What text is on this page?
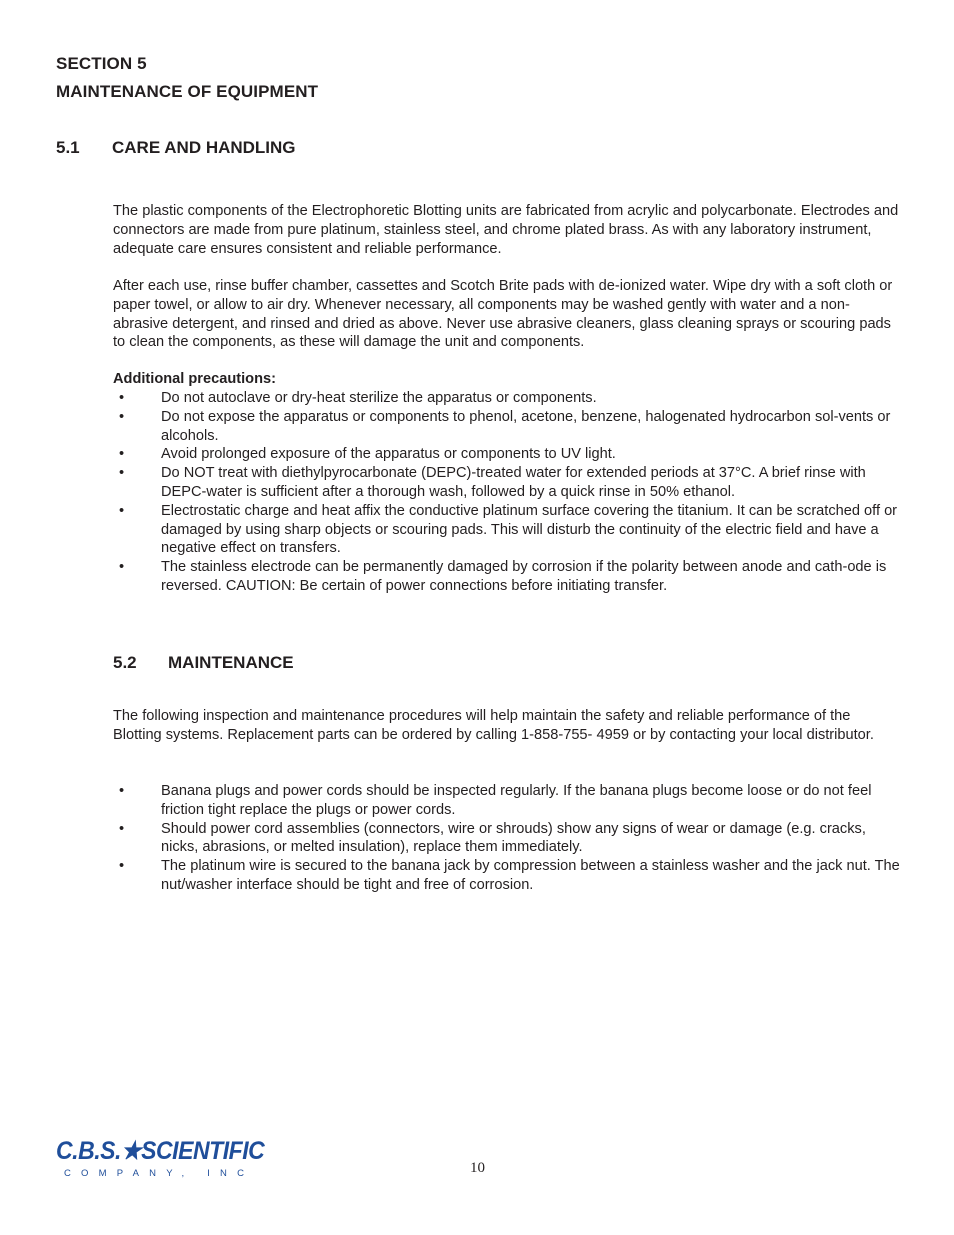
SECTION 5
MAINTENANCE OF EQUIPMENT
5.1 CARE AND HANDLING

The plastic components of the Electrophoretic Blotting units are fabricated from acrylic and polycarbonate. Electrodes and connectors are made from pure platinum, stainless steel, and chrome plated brass. As with any laboratory instrument, adequate care ensures consistent and reliable performance.

After each use, rinse buffer chamber, cassettes and Scotch Brite pads with de-ionized water. Wipe dry with a soft cloth or paper towel, or allow to air dry. Whenever necessary, all components may be washed gently with water and a non-abrasive detergent, and rinsed and dried as above. Never use abrasive cleaners, glass cleaning sprays or scouring pads to clean the components, as these will damage the unit and components.

Additional precautions:
•	Do not autoclave or dry-heat sterilize the apparatus or components.
•	Do not expose the apparatus or components to phenol, acetone, benzene, halogenated hydrocarbon sol-vents or alcohols.
•	Avoid prolonged exposure of the apparatus or components to UV light.
•	Do NOT treat with diethylpyrocarbonate (DEPC)-treated water for extended periods at 37°C. A brief rinse with DEPC-water is sufficient after a thorough wash, followed by a quick rinse in 50% ethanol.
•	Electrostatic charge and heat affix the conductive platinum surface covering the titanium. It can be scratched off or damaged by using sharp objects or scouring pads. This will disturb the continuity of the electric field and have a negative effect on transfers.
•	The stainless electrode can be permanently damaged by corrosion if the polarity between anode and cath-ode is reversed. CAUTION: Be certain of power connections before initiating transfer.
5.2 MAINTENANCE

The following inspection and maintenance procedures will help maintain the safety and reliable performance of the Blotting systems. Replacement parts can be ordered by calling 1-858-755- 4959 or by contacting your local distributor.

•	Banana plugs and power cords should be inspected regularly. If the banana plugs become loose or do not feel friction tight replace the plugs or power cords.
•	Should power cord assemblies (connectors, wire or shrouds) show any signs of wear or damage (e.g. cracks, nicks, abrasions, or melted insulation), replace them immediately.
•	The platinum wire is secured to the banana jack by compression between a stainless washer and the jack nut. The nut/washer interface should be tight and free of corrosion.
C.B.S.★SCIENTIFIC
COMPANY, INC	10
